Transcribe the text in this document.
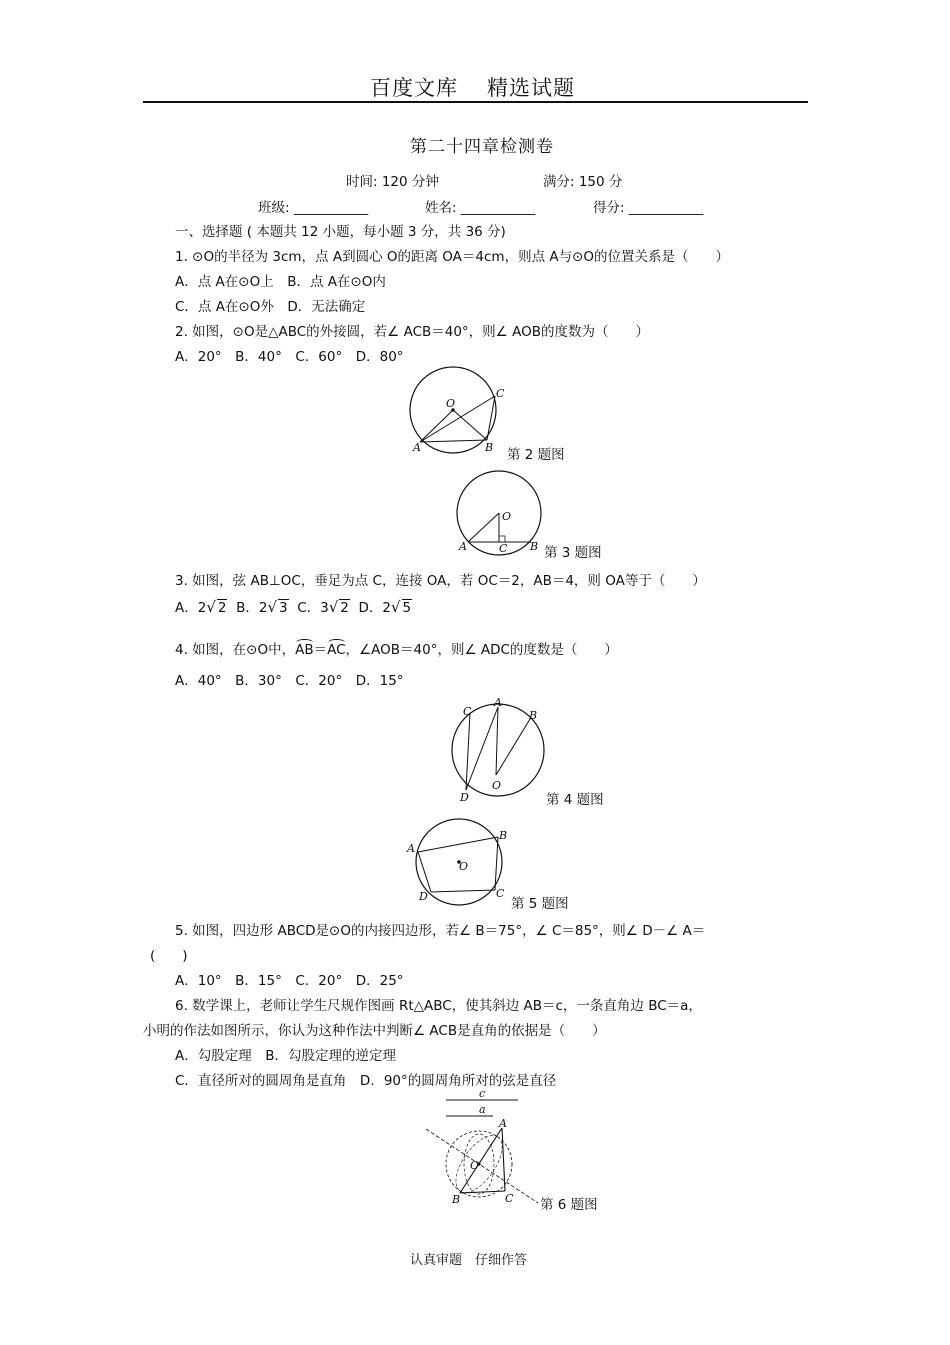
百度文库 精选试题
第二十四章检测卷
时间: 120 分钟	满分: 150 分
班级: ___________	姓名: ___________	得分: ___________
一、选择题 ( 本题共 12 小题，每小题 3 分，共 36 分)
1. ⊙O的半径为 3cm，点 A到圆心 O的距离 OA＝4cm，则点 A与⊙O的位置关系是（　　）
A．点 A在⊙O上　B．点 A在⊙O内
C．点 A在⊙O外　D．无法确定
2. 如图，⊙O是△ABC的外接圆，若∠ ACB＝40°，则∠ AOB的度数为（　　）
A．20°　B．40°　C．60°　D．80°
O
A	B
C
第 2 题图
O
A	C B 第 3 题图
3. 如图，弦 AB⊥OC，垂足为点 C，连接 OA，若 OC＝2，AB＝4，则 OA等于（　　）
A．2√ 2 B．2√ 3 C．3√ 2 D．2√ 5
4. 如图，在⊙O中，AB＝AC，∠AOB＝40°，则∠ ADC的度数是（　　）
A．40°　B．30°　C．20°　D．15°
O
A
B
C
D	第 4 题图
O
A
B
C
D	第 5 题图
5. 如图，四边形 ABCD是⊙O的内接四边形，若∠ B＝75°，∠ C＝85°，则∠ D－∠ A＝
(　　)
A．10°　B．15°　C．20°　D．25°
6. 数学课上，老师让学生尺规作图画 Rt△ABC，使其斜边 AB＝c，一条直角边 BC＝a，
小明的作法如图所示，你认为这种作法中判断∠ ACB是直角的依据是（　　）
A．勾股定理　B．勾股定理的逆定理
C．直径所对的圆周角是直角　D．90°的圆周角所对的弦是直径
c
a
O
A
B	C 第 6 题图
认真审题　仔细作答
